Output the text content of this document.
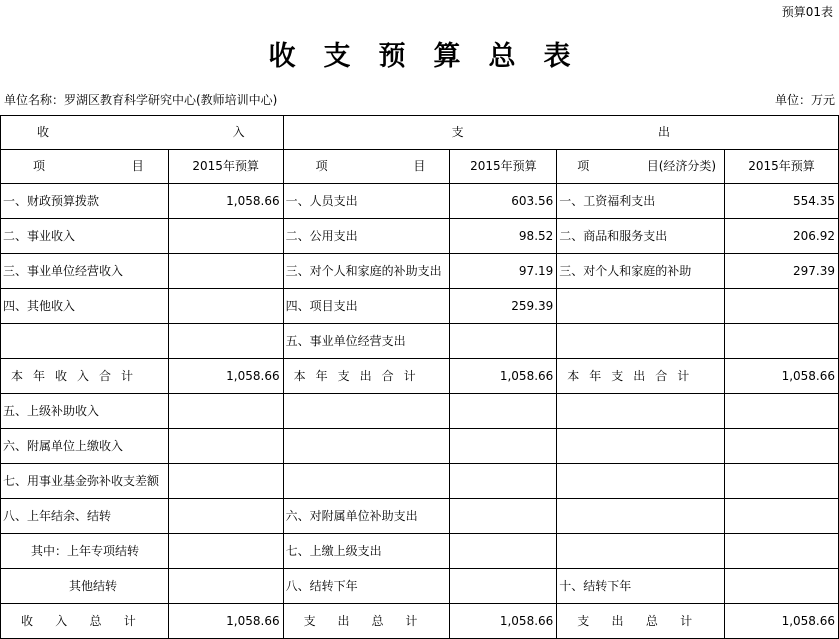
预算01表
收支预算总表
单位名称：罗湖区教育科学研究中心(教师培训中心)	单位：万元
收 入		支 出			

项 目	2015年预算	项 目	2015年预算	项 目(经济分类)	2015年预算
一、财政预算拨款	1,058.66	一、人员支出	603.56	一、工资福利支出	554.35
二、事业收入		二、公用支出	98.52	二、商品和服务支出	206.92
三、事业单位经营收入		三、对个人和家庭的补助支出	97.19	三、对个人和家庭的补助	297.39
四、其他收入		四、项目支出	259.39		
		五、事业单位经营支出			
本年收入合计	1,058.66	本年支出合计	1,058.66	本年支出合计	1,058.66
五、上级补助收入					
六、附属单位上缴收入					
七、用事业基金弥补收支差额					
八、上年结余、结转		六、对附属单位补助支出			
其中：上年专项结转		七、上缴上级支出			
其他结转		八、结转下年		十、结转下年	

收 入 总 计	1,058.66	支 出 总 计	1,058.66	支 出 总 计	1,058.66
